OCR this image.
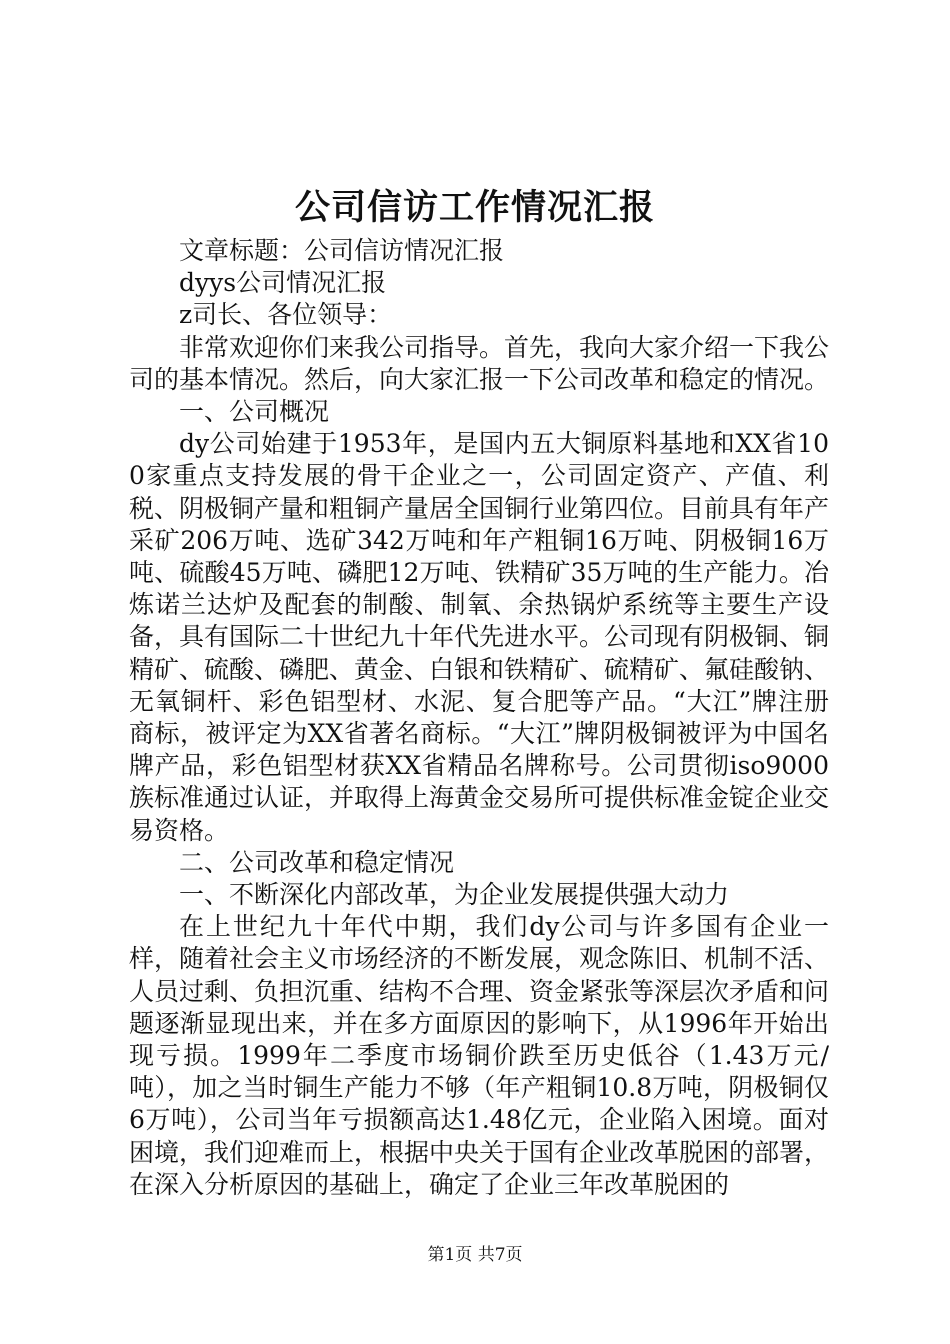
公司信访工作情况汇报

文章标题：公司信访情况汇报

dyys公司情况汇报

z司长、各位领导：

非常欢迎你们来我公司指导。首先，我向大家介绍一下我公司的基本情况。然后，向大家汇报一下公司改革和稳定的情况。

一、公司概况

dy公司始建于1953年，是国内五大铜原料基地和XX省100家重点支持发展的骨干企业之一，公司固定资产、产值、利税、阴极铜产量和粗铜产量居全国铜行业第四位。目前具有年产采矿206万吨、选矿342万吨和年产粗铜16万吨、阴极铜16万吨、硫酸45万吨、磷肥12万吨、铁精矿35万吨的生产能力。冶炼诺兰达炉及配套的制酸、制氧、余热锅炉系统等主要生产设备，具有国际二十世纪九十年代先进水平。公司现有阴极铜、铜精矿、硫酸、磷肥、黄金、白银和铁精矿、硫精矿、氟硅酸钠、无氧铜杆、彩色铝型材、水泥、复合肥等产品。“大江”牌注册商标，被评定为XX省著名商标。“大江”牌阴极铜被评为中国名牌产品，彩色铝型材获XX省精品名牌称号。公司贯彻iso9000族标准通过认证，并取得上海黄金交易所可提供标准金锭企业交易资格。

二、公司改革和稳定情况

一、不断深化内部改革，为企业发展提供强大动力

在上世纪九十年代中期，我们dy公司与许多国有企业一样，随着社会主义市场经济的不断发展，观念陈旧、机制不活、人员过剩、负担沉重、结构不合理、资金紧张等深层次矛盾和问题逐渐显现出来，并在多方面原因的影响下，从1996年开始出现亏损。1999年二季度市场铜价跌至历史低谷（1.43万元/吨），加之当时铜生产能力不够（年产粗铜10.8万吨，阴极铜仅6万吨），公司当年亏损额高达1.48亿元，企业陷入困境。面对困境，我们迎难而上，根据中央关于国有企业改革脱困的部署，在深入分析原因的基础上，确定了企业三年改革脱困的

第1页 共7页
